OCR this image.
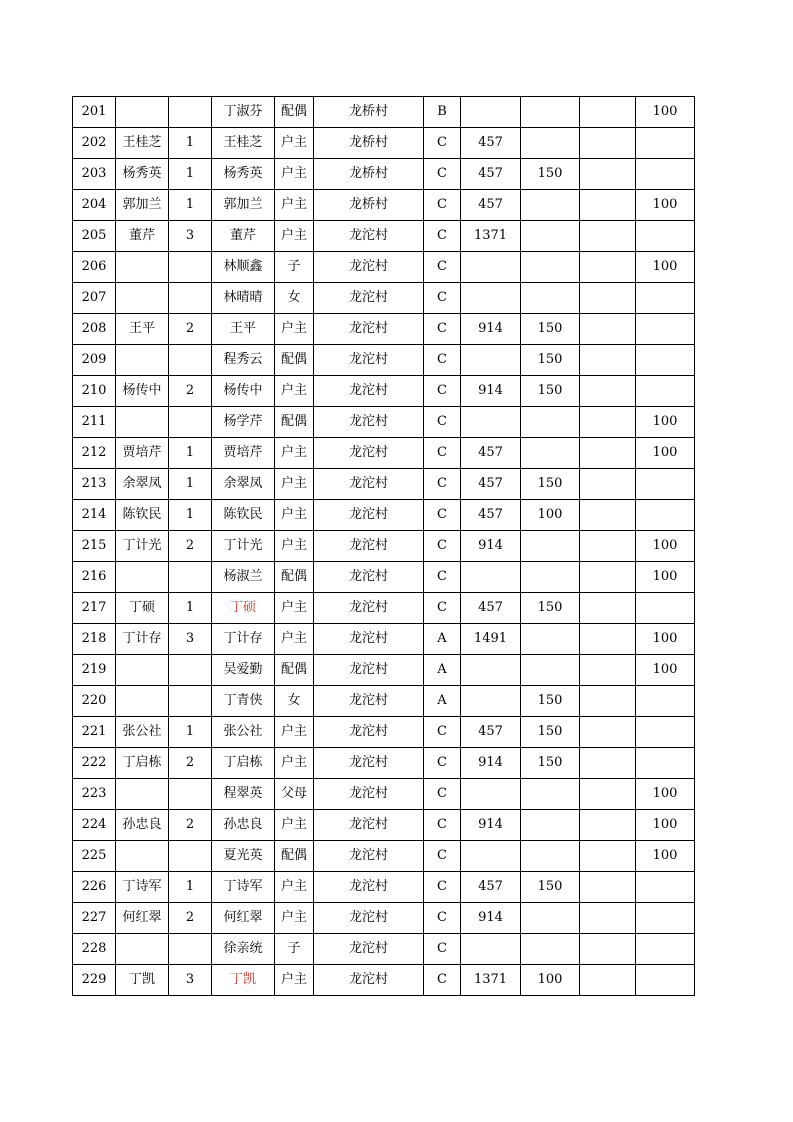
201			丁淑芬	配偶	龙桥村	B				100
202	王桂芝	1	王桂芝	户主	龙桥村	C	457			
203	杨秀英	1	杨秀英	户主	龙桥村	C	457	150		
204	郭加兰	1	郭加兰	户主	龙桥村	C	457			100
205	董芹	3	董芹	户主	龙沱村	C	1371			
206			林顺鑫	子	龙沱村	C				100
207			林晴晴	女	龙沱村	C				
208	王平	2	王平	户主	龙沱村	C	914	150		
209			程秀云	配偶	龙沱村	C		150		
210	杨传中	2	杨传中	户主	龙沱村	C	914	150		
211			杨学芹	配偶	龙沱村	C				100
212	贾培芹	1	贾培芹	户主	龙沱村	C	457			100
213	余翠凤	1	余翠凤	户主	龙沱村	C	457	150		
214	陈钦民	1	陈钦民	户主	龙沱村	C	457	100		
215	丁计光	2	丁计光	户主	龙沱村	C	914			100
216			杨淑兰	配偶	龙沱村	C				100
217	丁硕	1	丁硕	户主	龙沱村	C	457	150		
218	丁计存	3	丁计存	户主	龙沱村	A	1491			100
219			吴爱勤	配偶	龙沱村	A				100
220			丁青侠	女	龙沱村	A		150		
221	张公社	1	张公社	户主	龙沱村	C	457	150		
222	丁启栋	2	丁启栋	户主	龙沱村	C	914	150		
223			程翠英	父母	龙沱村	C				100
224	孙忠良	2	孙忠良	户主	龙沱村	C	914			100
225			夏光英	配偶	龙沱村	C				100
226	丁诗军	1	丁诗军	户主	龙沱村	C	457	150		
227	何红翠	2	何红翠	户主	龙沱村	C	914			
228			徐亲统	子	龙沱村	C				
229	丁凯	3	丁凯	户主	龙沱村	C	1371	100		
